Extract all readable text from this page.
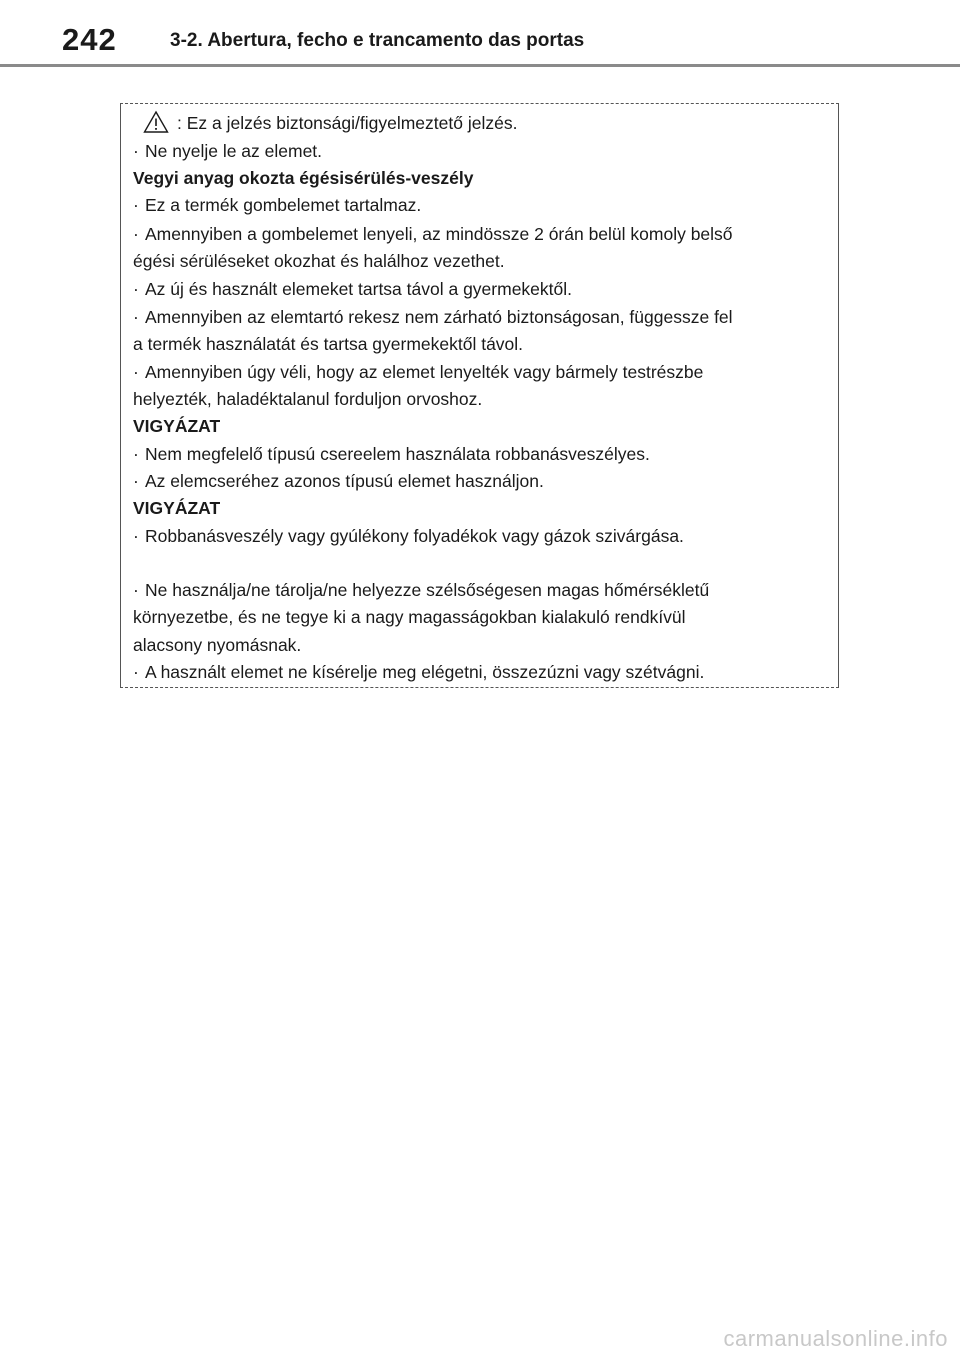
242	3-2. Abertura, fecho e trancamento das portas
: Ez a jelzés biztonsági/figyelmeztető jelzés.
· Ne nyelje le az elemet.
Vegyi anyag okozta égésisérülés-veszély
· Ez a termék gombelemet tartalmaz.
· Amennyiben a gombelemet lenyeli, az mindössze 2 órán belül komoly belső
égési sérüléseket okozhat és halálhoz vezethet.
· Az új és használt elemeket tartsa távol a gyermekektől.
· Amennyiben az elemtartó rekesz nem zárható biztonságosan, függessze fel
a termék használatát és tartsa gyermekektől távol.
· Amennyiben úgy véli, hogy az elemet lenyelték vagy bármely testrészbe
helyezték, haladéktalanul forduljon orvoshoz.
VIGYÁZAT
· Nem megfelelő típusú csereelem használata robbanásveszélyes.
· Az elemcseréhez azonos típusú elemet használjon.
VIGYÁZAT
· Robbanásveszély vagy gyúlékony folyadékok vagy gázok szivárgása.
· Ne használja/ne tárolja/ne helyezze szélsőségesen magas hőmérsékletű
környezetbe, és ne tegye ki a nagy magasságokban kialakuló rendkívül
alacsony nyomásnak.
· A használt elemet ne kísérelje meg elégetni, összezúzni vagy szétvágni.
carmanualsonline.info
